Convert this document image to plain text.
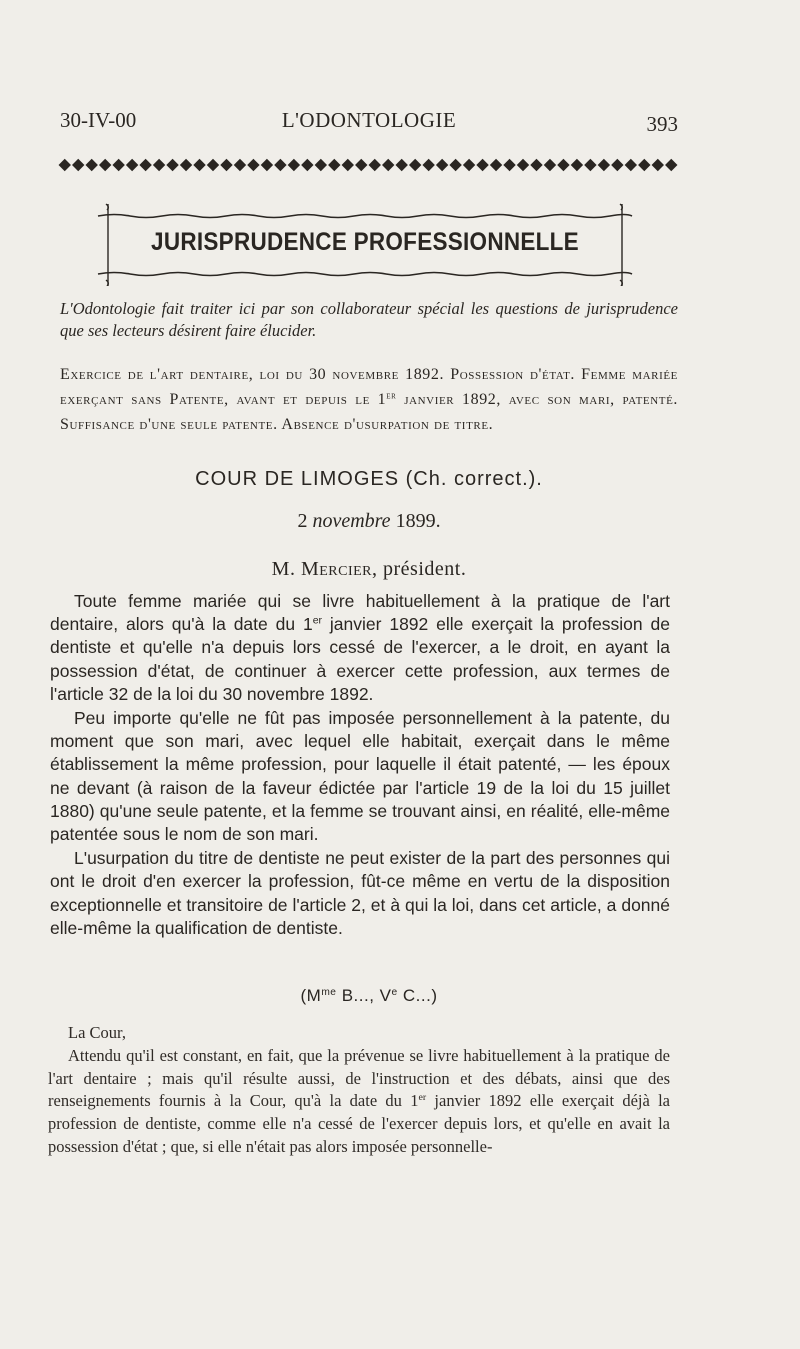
30-IV-00	L'ODONTOLOGIE	393
JURISPRUDENCE PROFESSIONNELLE
L'Odontologie fait traiter ici par son collaborateur spécial les questions de jurisprudence que ses lecteurs désirent faire élucider.
Exercice de l'art dentaire, loi du 30 novembre 1892. Possession d'état. Femme mariée exerçant sans Patente, avant et depuis le 1er janvier 1892, avec son mari, patenté. Suffisance d'une seule patente. Absence d'usurpation de titre.
COUR DE LIMOGES (Ch. correct.).
2 novembre 1899.
M. Mercier, président.

Toute femme mariée qui se livre habituellement à la pratique de l'art dentaire, alors qu'à la date du 1er janvier 1892 elle exerçait la profession de dentiste et qu'elle n'a depuis lors cessé de l'exercer, a le droit, en ayant la possession d'état, de continuer à exercer cette profession, aux termes de l'article 32 de la loi du 30 novembre 1892.

Peu importe qu'elle ne fût pas imposée personnellement à la patente, du moment que son mari, avec lequel elle habitait, exerçait dans le même établissement la même profession, pour laquelle il était patenté, — les époux ne devant (à raison de la faveur édictée par l'article 19 de la loi du 15 juillet 1880) qu'une seule patente, et la femme se trouvant ainsi, en réalité, elle-même patentée sous le nom de son mari.

L'usurpation du titre de dentiste ne peut exister de la part des personnes qui ont le droit d'en exercer la profession, fût-ce même en vertu de la disposition exceptionnelle et transitoire de l'article 2, et à qui la loi, dans cet article, a donné elle-même la qualification de dentiste.

($M^{me}$ B..., Ve C...)

La Cour,

Attendu qu'il est constant, en fait, que la prévenue se livre habituellement à la pratique de l'art dentaire ; mais qu'il résulte aussi, de l'instruction et des débats, ainsi que des renseignements fournis à la Cour, qu'à la date du 1er janvier 1892 elle exerçait déjà la profession de dentiste, comme elle n'a cessé de l'exercer depuis lors, et qu'elle en avait la possession d'état ; que, si elle n'était pas alors imposée personnelle-
